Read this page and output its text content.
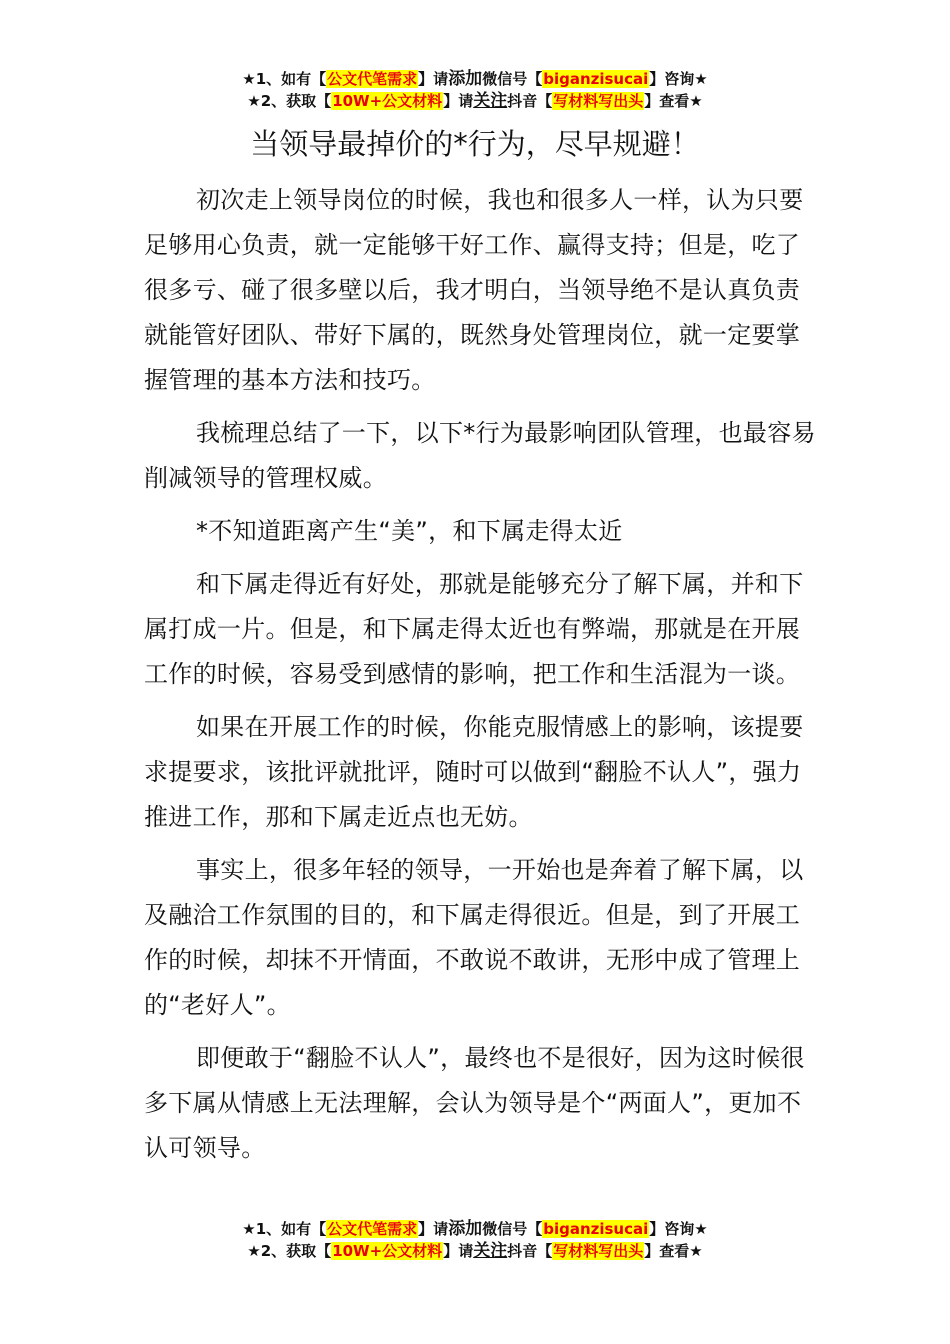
★1、如有【公文代笔需求】请添加微信号【biganzisucai】咨询★
★2、获取【10W+公文材料】请关注抖音【写材料写出头】查看★
当领导最掉价的*行为，尽早规避！

初次走上领导岗位的时候，我也和很多人一样，认为只要足够用心负责，就一定能够干好工作、赢得支持；但是，吃了很多亏、碰了很多壁以后，我才明白，当领导绝不是认真负责就能管好团队、带好下属的，既然身处管理岗位，就一定要掌握管理的基本方法和技巧。

我梳理总结了一下，以下*行为最影响团队管理，也最容易削减领导的管理权威。

*不知道距离产生“美”，和下属走得太近

和下属走得近有好处，那就是能够充分了解下属，并和下属打成一片。但是，和下属走得太近也有弊端，那就是在开展工作的时候，容易受到感情的影响，把工作和生活混为一谈。

如果在开展工作的时候，你能克服情感上的影响，该提要求提要求，该批评就批评，随时可以做到“翻脸不认人”，强力推进工作，那和下属走近点也无妨。

事实上，很多年轻的领导，一开始也是奔着了解下属，以及融洽工作氛围的目的，和下属走得很近。但是，到了开展工作的时候，却抹不开情面，不敢说不敢讲，无形中成了管理上的“老好人”。

即便敢于“翻脸不认人”，最终也不是很好，因为这时候很多下属从情感上无法理解，会认为领导是个“两面人”，更加不认可领导。

★1、如有【公文代笔需求】请添加微信号【biganzisucai】咨询★
★2、获取【10W+公文材料】请关注抖音【写材料写出头】查看★
